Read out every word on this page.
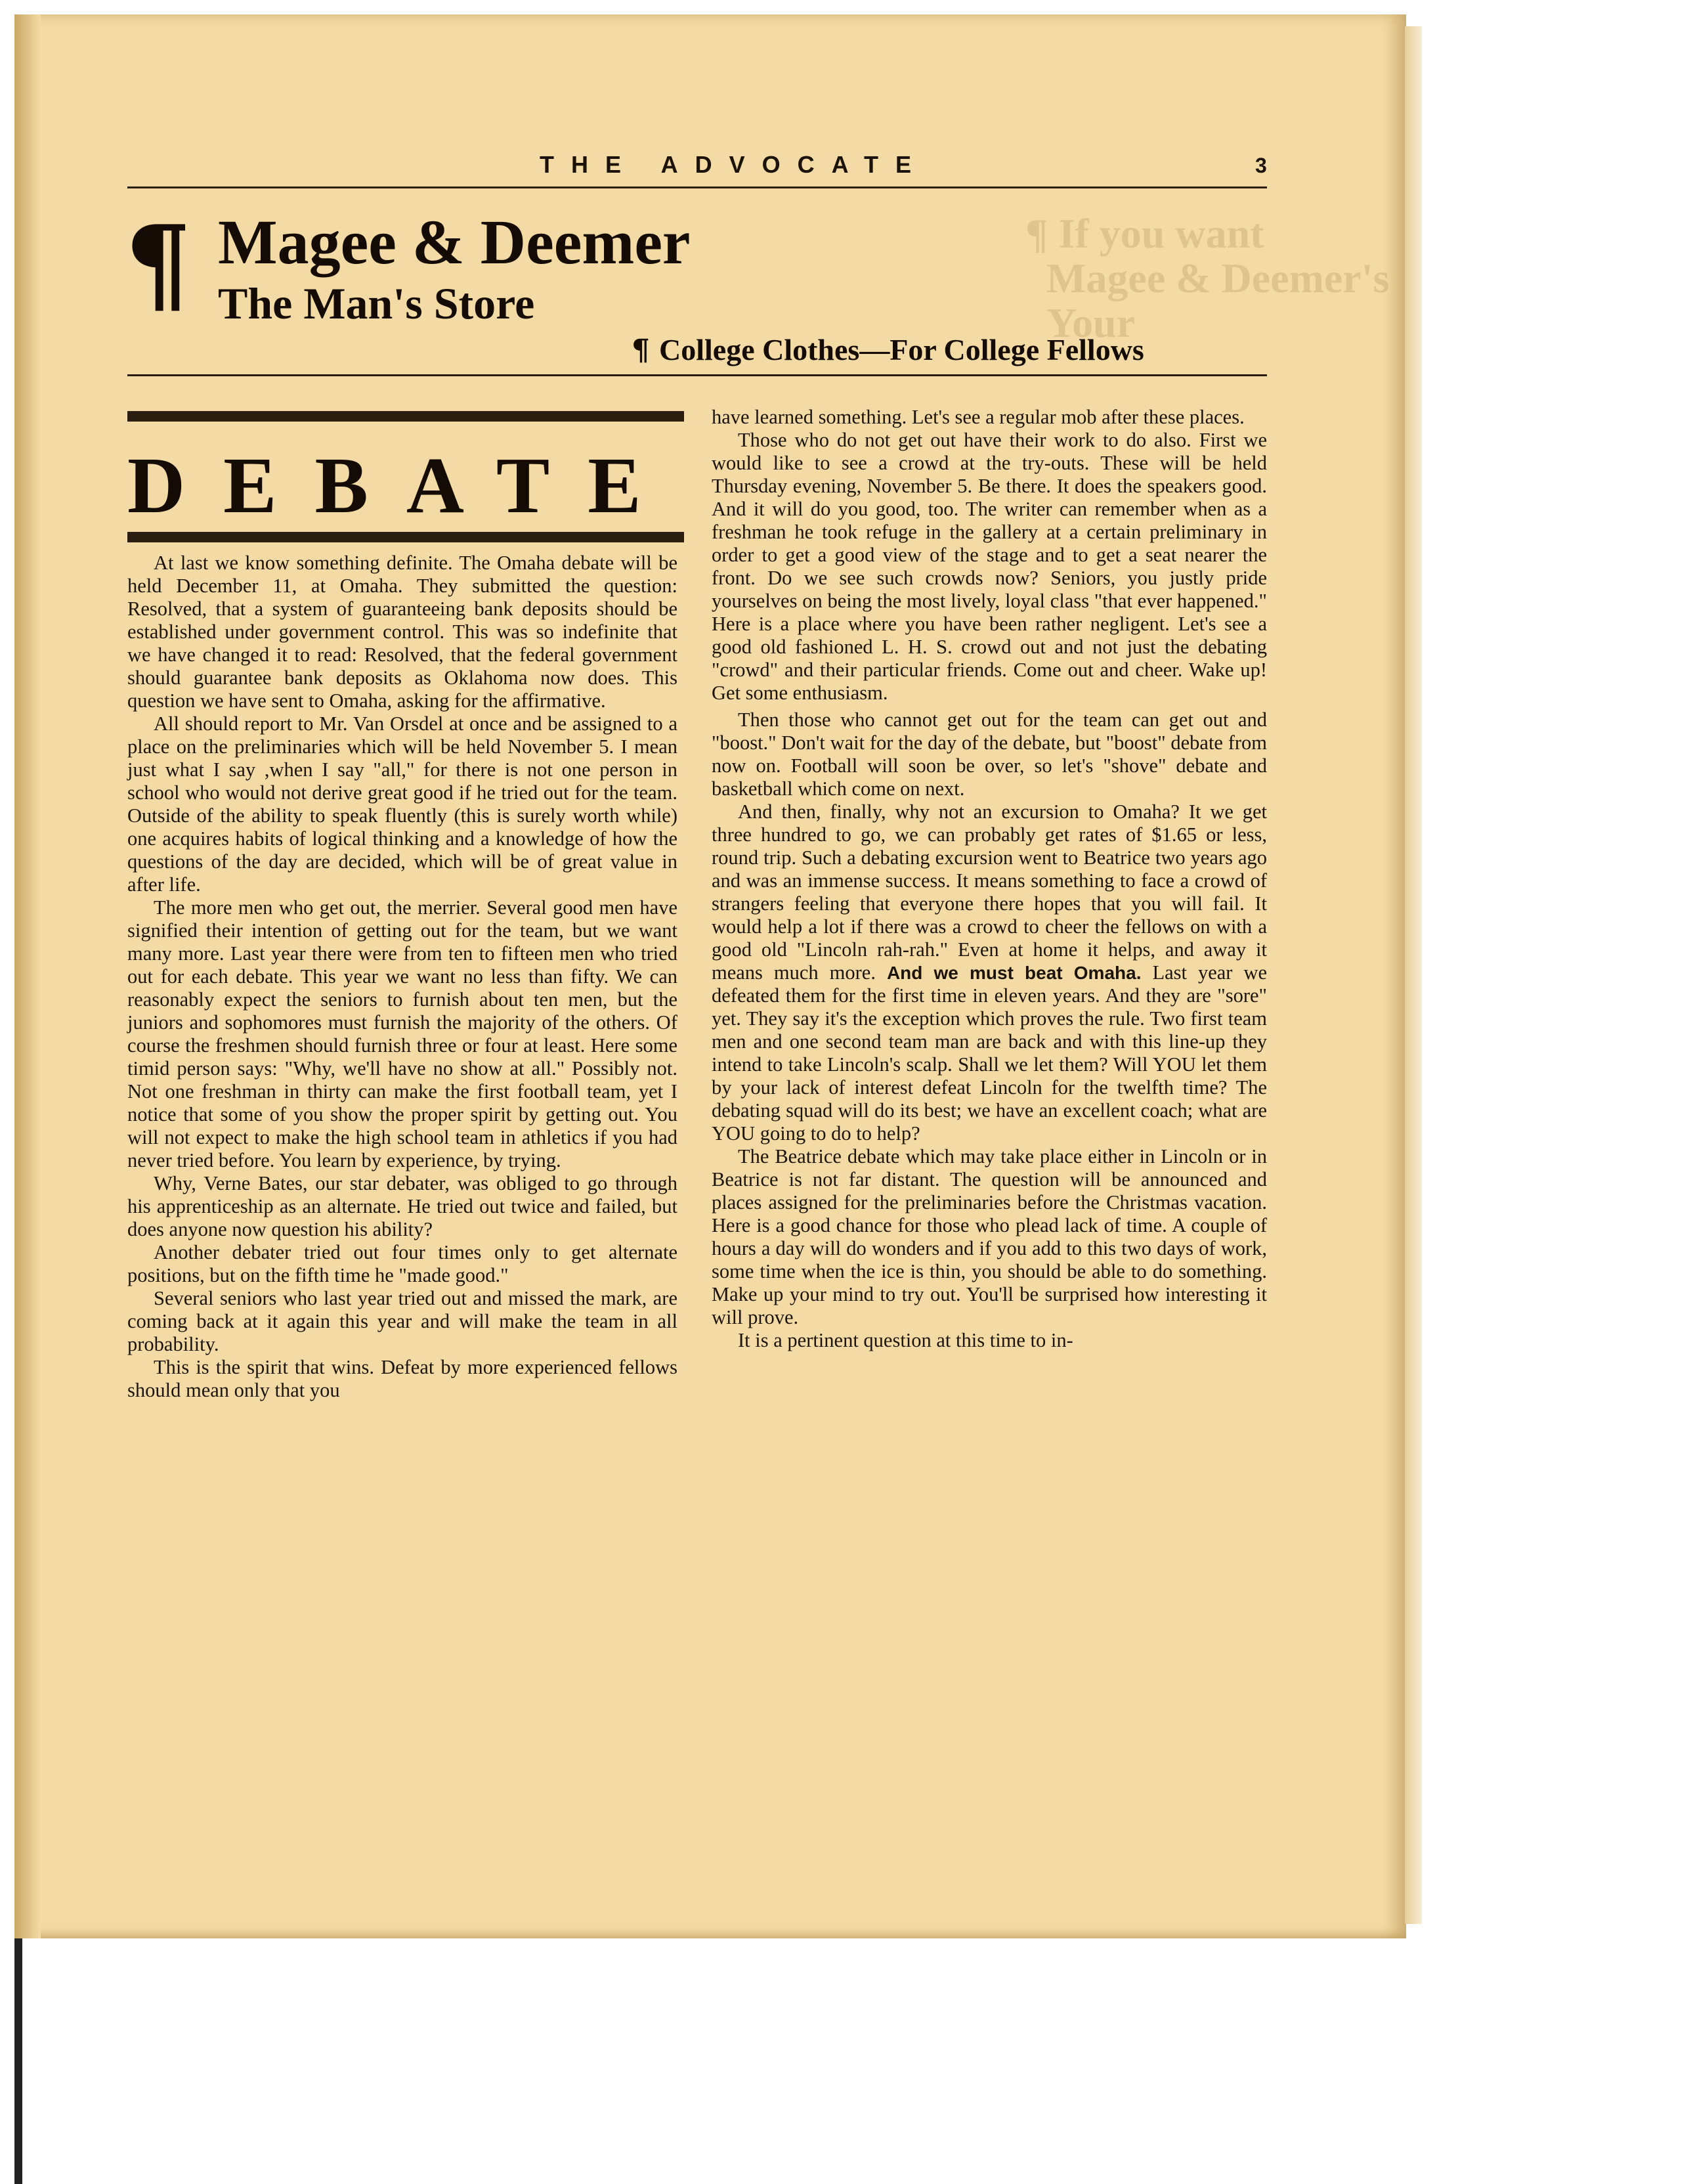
¶ If you want
Magee & Deemer's
Your
THE ADVOCATE	3
¶ Magee & Deemer
The Man's Store
¶ College Clothes—For College Fellows
DEBATE

At last we know something definite. The Omaha debate will be held December 11, at Omaha. They submitted the question: Resolved, that a system of guaranteeing bank deposits should be established under government control. This was so indefinite that we have changed it to read: Resolved, that the federal government should guarantee bank deposits as Oklahoma now does. This question we have sent to Omaha, asking for the affirmative.

All should report to Mr. Van Orsdel at once and be assigned to a place on the preliminaries which will be held November 5. I mean just what I say ,when I say "all," for there is not one person in school who would not derive great good if he tried out for the team. Outside of the ability to speak fluently (this is surely worth while) one acquires habits of logical thinking and a knowledge of how the questions of the day are decided, which will be of great value in after life.

The more men who get out, the merrier. Several good men have signified their intention of getting out for the team, but we want many more. Last year there were from ten to fifteen men who tried out for each debate. This year we want no less than fifty. We can reasonably expect the seniors to furnish about ten men, but the juniors and sophomores must furnish the majority of the others. Of course the freshmen should furnish three or four at least. Here some timid person says: "Why, we'll have no show at all." Possibly not. Not one freshman in thirty can make the first football team, yet I notice that some of you show the proper spirit by getting out. You will not expect to make the high school team in athletics if you had never tried before. You learn by experience, by trying.

Why, Verne Bates, our star debater, was obliged to go through his apprenticeship as an alternate. He tried out twice and failed, but does anyone now question his ability?

Another debater tried out four times only to get alternate positions, but on the fifth time he "made good."

Several seniors who last year tried out and missed the mark, are coming back at it again this year and will make the team in all probability.

This is the spirit that wins. Defeat by more experienced fellows should mean only that you

have learned something. Let's see a regular mob after these places.

Those who do not get out have their work to do also. First we would like to see a crowd at the try-outs. These will be held Thursday evening, November 5. Be there. It does the speakers good. And it will do you good, too. The writer can remember when as a freshman he took refuge in the gallery at a certain preliminary in order to get a good view of the stage and to get a seat nearer the front. Do we see such crowds now? Seniors, you justly pride yourselves on being the most lively, loyal class "that ever happened." Here is a place where you have been rather negligent. Let's see a good old fashioned L. H. S. crowd out and not just the debating "crowd" and their particular friends. Come out and cheer. Wake up! Get some enthusiasm.

Then those who cannot get out for the team can get out and "boost." Don't wait for the day of the debate, but "boost" debate from now on. Football will soon be over, so let's "shove" debate and basketball which come on next.

And then, finally, why not an excursion to Omaha? It we get three hundred to go, we can probably get rates of $1.65 or less, round trip. Such a debating excursion went to Beatrice two years ago and was an immense success. It means something to face a crowd of strangers feeling that everyone there hopes that you will fail. It would help a lot if there was a crowd to cheer the fellows on with a good old "Lincoln rah-rah." Even at home it helps, and away it means much more. And we must beat Omaha. Last year we defeated them for the first time in eleven years. And they are "sore" yet. They say it's the exception which proves the rule. Two first team men and one second team man are back and with this line-up they intend to take Lincoln's scalp. Shall we let them? Will YOU let them by your lack of interest defeat Lincoln for the twelfth time? The debating squad will do its best; we have an excellent coach; what are YOU going to do to help?

The Beatrice debate which may take place either in Lincoln or in Beatrice is not far distant. The question will be announced and places assigned for the preliminaries before the Christmas vacation. Here is a good chance for those who plead lack of time. A couple of hours a day will do wonders and if you add to this two days of work, some time when the ice is thin, you should be able to do something. Make up your mind to try out. You'll be surprised how interesting it will prove.

It is a pertinent question at this time to in-
